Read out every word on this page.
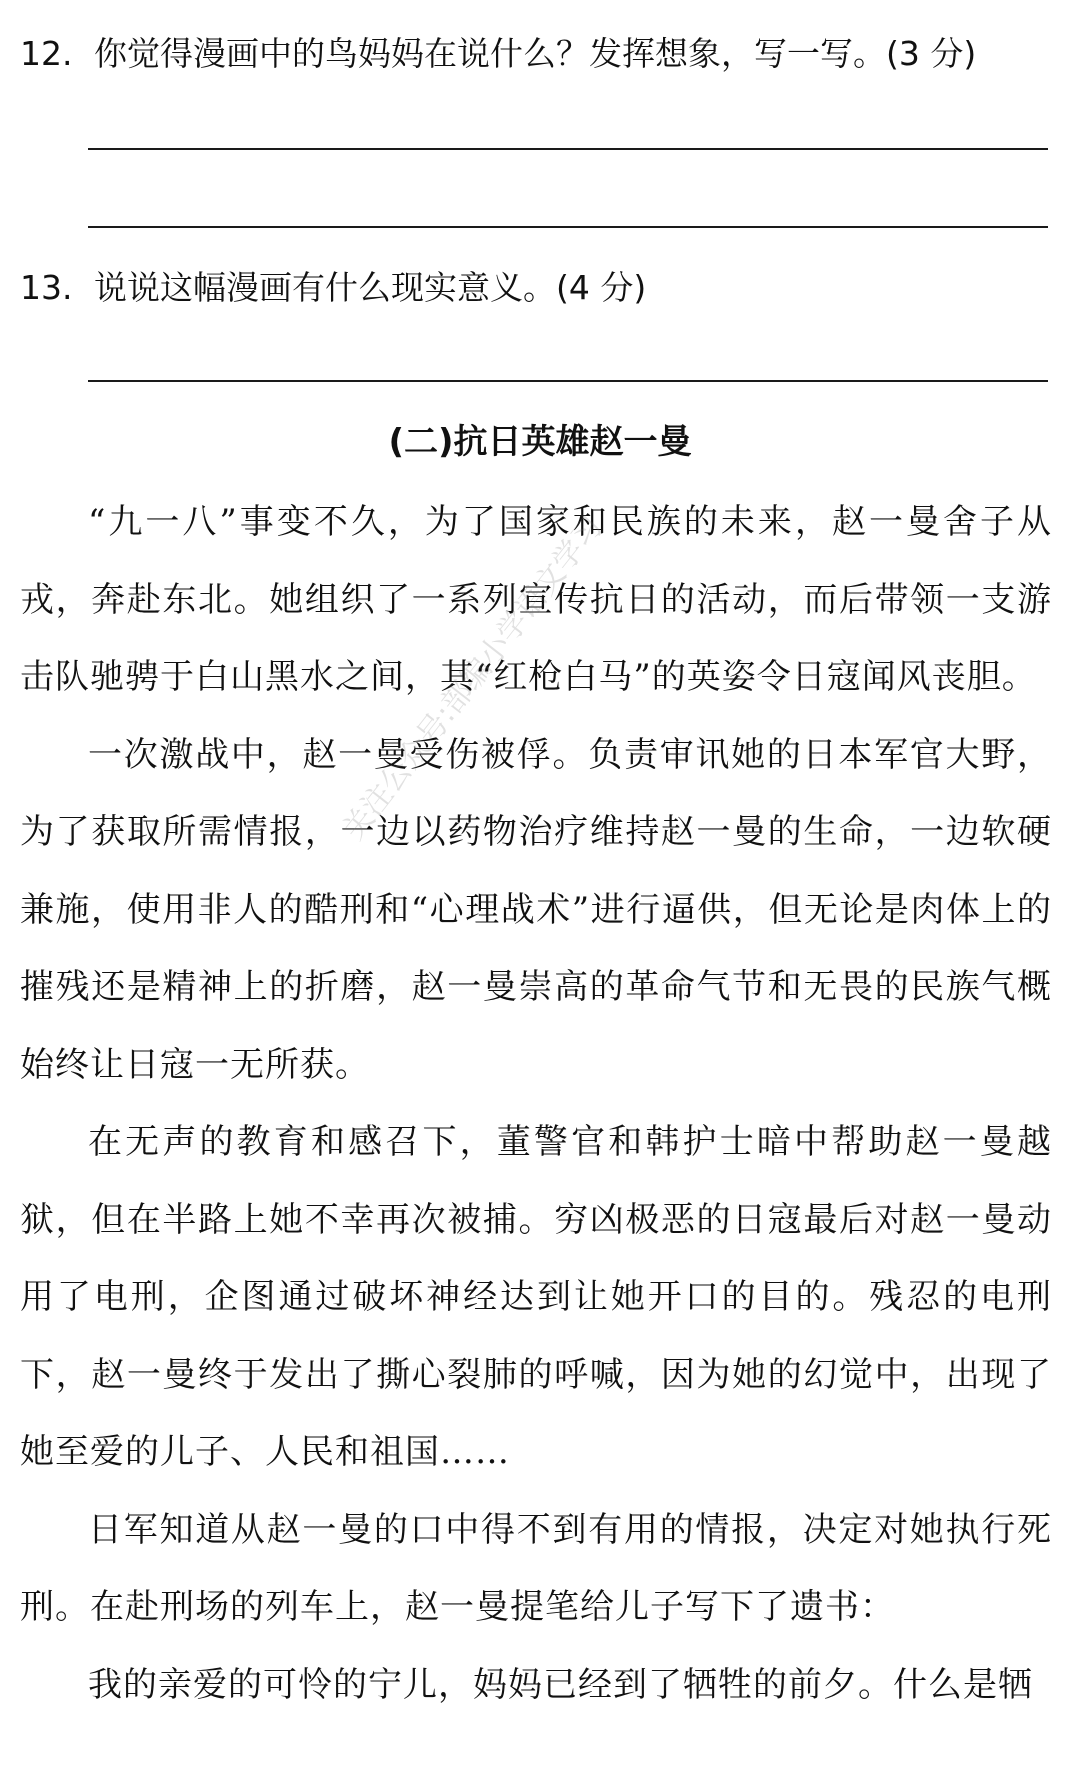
12. 你觉得漫画中的鸟妈妈在说什么？发挥想象，写一写。(3 分)
13. 说说这幅漫画有什么现实意义。(4 分)
(二)抗日英雄赵一曼

“九一八”事变不久，为了国家和民族的未来，赵一曼舍子从戎，奔赴东北。她组织了一系列宣传抗日的活动，而后带领一支游击队驰骋于白山黑水之间，其“红枪白马”的英姿令日寇闻风丧胆。

一次激战中，赵一曼受伤被俘。负责审讯她的日本军官大野，为了获取所需情报，一边以药物治疗维持赵一曼的生命，一边软硬兼施，使用非人的酷刑和“心理战术”进行逼供，但无论是肉体上的摧残还是精神上的折磨，赵一曼崇高的革命气节和无畏的民族气概始终让日寇一无所获。

在无声的教育和感召下，董警官和韩护士暗中帮助赵一曼越狱，但在半路上她不幸再次被捕。穷凶极恶的日寇最后对赵一曼动用了电刑，企图通过破坏神经达到让她开口的目的。残忍的电刑下，赵一曼终于发出了撕心裂肺的呼喊，因为她的幻觉中，出现了她至爱的儿子、人民和祖国……

日军知道从赵一曼的口中得不到有用的情报，决定对她执行死刑。在赴刑场的列车上，赵一曼提笔给儿子写下了遗书：

我的亲爱的可怜的宁儿，妈妈已经到了牺牲的前夕。什么是牺

关注公众号:部编小学语文学习
